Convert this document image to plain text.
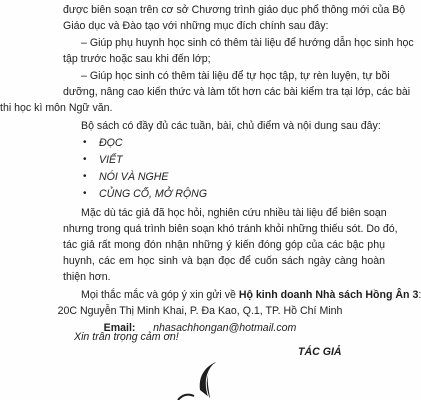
được biên soạn trên cơ sở Chương trình giáo dục phổ thông mới của Bộ
Giáo dục và Đào tạo với những mục đích chính sau đây:
– Giúp phụ huynh học sinh có thêm tài liệu để hướng dẫn học sinh học
tập trước hoặc sau khi đến lớp;
– Giúp học sinh có thêm tài liệu để tự học tập, tự rèn luyện, tự bồi
dưỡng, nâng cao kiến thức và làm tốt hơn các bài kiểm tra tại lớp, các bài
thi học kì môn Ngữ văn.
Bộ sách có đầy đủ các tuần, bài, chủ điểm và nội dung sau đây:
• ĐỌC
• VIẾT
• NÓI VÀ NGHE
• CỦNG CỐ, MỞ RỘNG
Mặc dù tác giả đã học hỏi, nghiên cứu nhiều tài liệu để biên soạn
nhưng trong quá trình biên soạn khó tránh khỏi những thiếu sót. Do đó,
tác giả rất mong đón nhận những ý kiến đóng góp của các bậc phụ
huynh, các em học sinh và bạn đọc để cuốn sách ngày càng hoàn
thiện hơn.
Mọi thắc mắc và góp ý xin gửi về Hộ kinh doanh Nhà sách Hồng Ân 3
20C Nguyễn Thị Minh Khai, P. Đa Kao, Q.1, TP. Hồ Chí Minh
Email: nhasachhongan@hotmail.com
Xin trân trọng cảm ơn!
TÁC GIẢ
